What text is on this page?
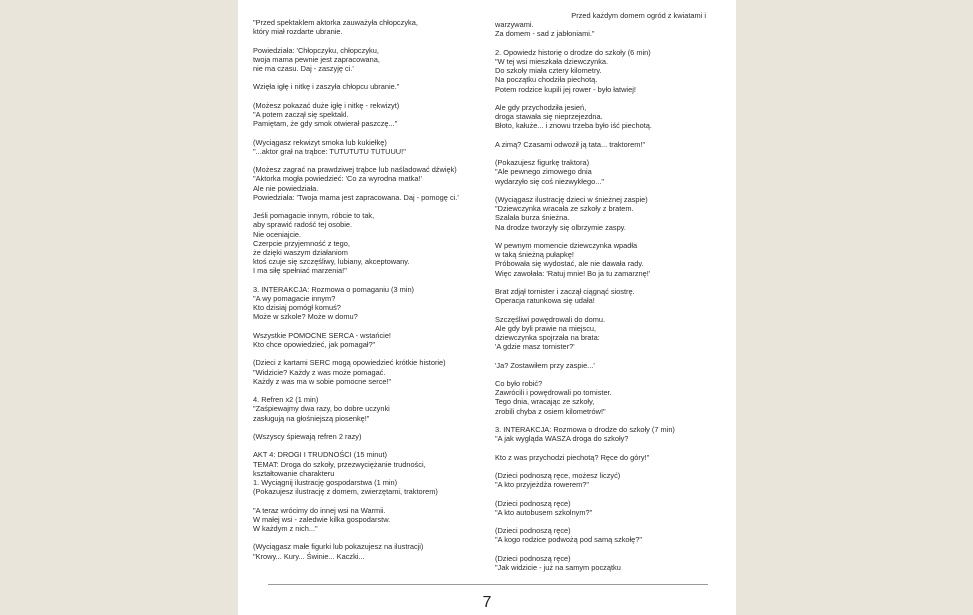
Przed każdym domem ogród z kwiatami i

"Przed spektaklem aktorka zauważyła chłopczyka,
który miał rozdarte ubranie.

Powiedziała: 'Chłopczyku, chłopczyku,
twoja mama pewnie jest zapracowana,
nie ma czasu. Daj - zaszyję ci.'

Wzięła igłę i nitkę i zaszyła chłopcu ubranie."

(Możesz pokazać duże igłę i nitkę - rekwizyt)
"A potem zaczął się spektakl.
Pamiętam, że gdy smok otwierał paszczę..."

(Wyciągasz rekwizyt smoka lub kukiełkę)
"...aktor grał na trąbce: TUTUTUTU TUTUUU!"

(Możesz zagrać na prawdziwej trąbce lub naśladować dźwięk)
"Aktorka mogła powiedzieć: 'Co za wyrodna matka!'
Ale nie powiedziała.
Powiedziała: 'Twoja mama jest zapracowana. Daj - pomogę ci.'

Jeśli pomagacie innym, róbcie to tak,
aby sprawić radość tej osobie.
Nie oceniajcie.
Czerpcie przyjemność z tego,
że dzięki waszym działaniom
ktoś czuje się szczęśliwy, lubiany, akceptowany.
I ma siłę spełniać marzenia!"

3. INTERAKCJA: Rozmowa o pomaganiu (3 min)
"A wy pomagacie innym?
Kto dzisiaj pomógł komuś?
Może w szkole? Może w domu?

Wszystkie POMOCNE SERCA - wstańcie!
Kto chce opowiedzieć, jak pomagał?"

(Dzieci z kartami SERC mogą opowiedzieć krótkie historie)
"Widzicie? Każdy z was może pomagać.
Każdy z was ma w sobie pomocne serce!"

4. Refren x2 (1 min)
"Zaśpiewajmy dwa razy, bo dobre uczynki
zasługują na głośniejszą piosenkę!"

(Wszyscy śpiewają refren 2 razy)

AKT 4: DROGI I TRUDNOŚCI (15 minut)
TEMAT: Droga do szkoły, przezwyciężanie trudności,
kształtowanie charakteru
1. Wyciągnij ilustrację gospodarstwa (1 min)
(Pokazujesz ilustrację z domem, zwierzętami, traktorem)

"A teraz wrócimy do innej wsi na Warmii.
W małej wsi - zaledwie kilka gospodarstw.
W każdym z nich..."

(Wyciągasz małe figurki lub pokazujesz na ilustracji)
"Krowy... Kury... Świnie... Kaczki...

warzywami.
Za domem - sad z jabłoniami."

2. Opowiedz historię o drodze do szkoły (6 min)
"W tej wsi mieszkała dziewczynka.
Do szkoły miała cztery kilometry.
Na początku chodziła piechotą.
Potem rodzice kupili jej rower - było łatwiej!

Ale gdy przychodziła jesień,
droga stawała się nieprzejezdna.
Błoto, kałuże... i znowu trzeba było iść piechotą.

A zimą? Czasami odwoził ją tata... traktorem!"

(Pokazujesz figurkę traktora)
"Ale pewnego zimowego dnia
wydarzyło się coś niezwykłego..."

(Wyciągasz ilustrację dzieci w śnieżnej zaspie)
"Dziewczynka wracała ze szkoły z bratem.
Szalała burza śnieżna.
Na drodze tworzyły się olbrzymie zaspy.

W pewnym momencie dziewczynka wpadła
w taką śnieżną pułapkę!
Próbowała się wydostać, ale nie dawała rady.
Więc zawołała: 'Ratuj mnie! Bo ja tu zamarznę!'

Brat zdjął tornister i zaczął ciągnąć siostrę.
Operacja ratunkowa się udała!

Szczęśliwi powędrowali do domu.
Ale gdy byli prawie na miejscu,
dziewczynka spojrzała na brata:
'A gdzie masz tornister?'

'Ja? Zostawiłem przy zaspie...'

Co było robić?
Zawrócili i powędrowali po tornister.
Tego dnia, wracając ze szkoły,
zrobili chyba z osiem kilometrów!"

3. INTERAKCJA: Rozmowa o drodze do szkoły (7 min)
"A jak wygląda WASZA droga do szkoły?

Kto z was przychodzi piechotą? Ręce do góry!"

(Dzieci podnoszą ręce, możesz liczyć)
"A kto przyjeżdża rowerem?"

(Dzieci podnoszą ręce)
"A kto autobusem szkolnym?"

(Dzieci podnoszą ręce)
"A kogo rodzice podwożą pod samą szkołę?"

(Dzieci podnoszą ręce)
"Jak widzicie - już na samym początku

7
